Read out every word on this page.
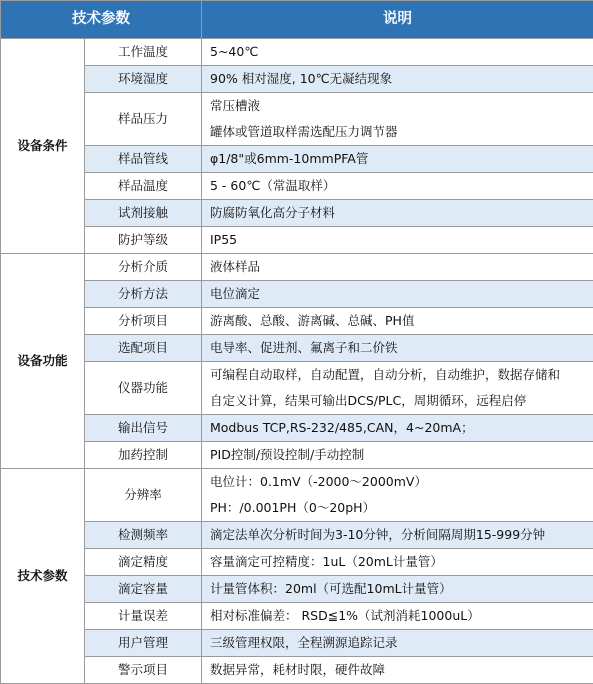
技术参数		说明
设备条件	工作温度	5~40℃

	环境湿度	90% 相对湿度, 10℃无凝结现象

	样品压力	常压槽液
罐体或管道取样需选配压力调节器

	样品管线	φ1/8"或6mm-10mmPFA管

	样品温度	5 - 60℃（常温取样）

	试剂接触	防腐防氧化高分子材料

	防护等级	IP55

设备功能	分析介质	液体样品

	分析方法	电位滴定

	分析项目	游离酸、总酸、游离碱、总碱、PH值

	选配项目	电导率、促进剂、氟离子和二价铁

	仪器功能	可编程自动取样，自动配置，自动分析，自动维护，数据存储和
自定义计算，结果可输出DCS/PLC，周期循环，远程启停

	输出信号	Modbus TCP,RS-232/485,CAN，4~20mA；

	加药控制	PID控制/预设控制/手动控制

技术参数	分辨率	电位计：0.1mV（-2000～2000mV）
PH：/0.001PH（0～20pH）

	检测频率	滴定法单次分析时间为3-10分钟，分析间隔周期15-999分钟

	滴定精度	容量滴定可控精度：1uL（20mL计量管）

	滴定容量	计量管体积：20ml（可选配10mL计量管）

	计量误差	相对标准偏差： RSD≦1%（试剂消耗1000uL）

	用户管理	三级管理权限，全程溯源追踪记录

	警示项目	数据异常，耗材时限，硬件故障
